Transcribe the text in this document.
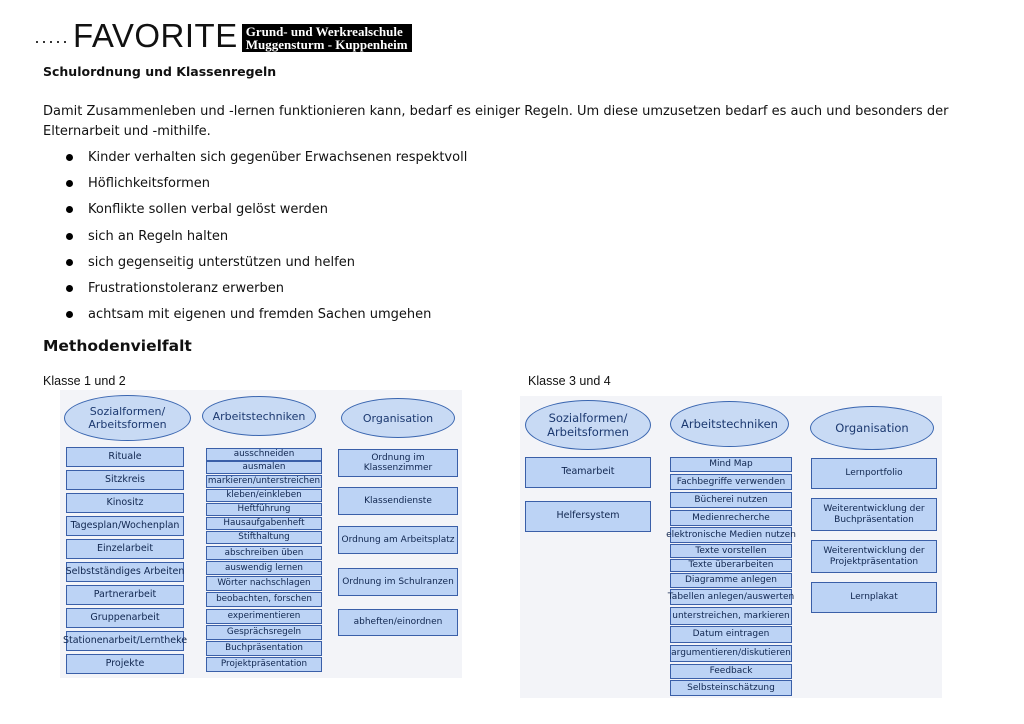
····· FAVORITE Grund- und Werkrealschule
Muggensturm - Kuppenheim
Schulordnung und Klassenregeln
Damit Zusammenleben und -lernen funktionieren kann, bedarf es einiger Regeln. Um diese umzusetzen bedarf es auch und besonders der Elternarbeit und -mithilfe.
Kinder verhalten sich gegenüber Erwachsenen respektvoll
Höflichkeitsformen
Konflikte sollen verbal gelöst werden
sich an Regeln halten
sich gegenseitig unterstützen und helfen
Frustrationstoleranz erwerben
achtsam mit eigenen und fremden Sachen umgehen
Methodenvielfalt
Klasse 1 und 2
Sozialformen/ Arbeitsformen
Arbeitstechniken	Organisation
Rituale
Sitzkreis
Kinositz
Tagesplan/Wochenplan
Einzelarbeit
Selbstständiges Arbeiten
Partnerarbeit
Gruppenarbeit
Stationenarbeit/Lerntheke
Projekte
ausschneiden
ausmalen
markieren/unterstreichen
kleben/einkleben
Heftführung
Hausaufgabenheft
Stifthaltung
abschreiben üben
auswendig lernen
Wörter nachschlagen
beobachten, forschen
experimentieren
Gesprächsregeln
Buchpräsentation
Projektpräsentation
Ordnung im Klassenzimmer
Klassendienste
Ordnung am Arbeitsplatz
Ordnung im Schulranzen
abheften/einordnen
Klasse 3 und 4
Sozialformen/ Arbeitsformen
Arbeitstechniken	Organisation
Teamarbeit
Helfersystem
Mind Map
Fachbegriffe verwenden
Bücherei nutzen
Medienrecherche
elektronische Medien nutzen
Texte vorstellen
Texte überarbeiten
Diagramme anlegen
Tabellen anlegen/auswerten
unterstreichen, markieren
Datum eintragen
argumentieren/diskutieren
Feedback
Selbsteinschätzung
Lernportfolio
Weiterentwicklung der Buchpräsentation
Weiterentwicklung der Projektpräsentation
Lernplakat
